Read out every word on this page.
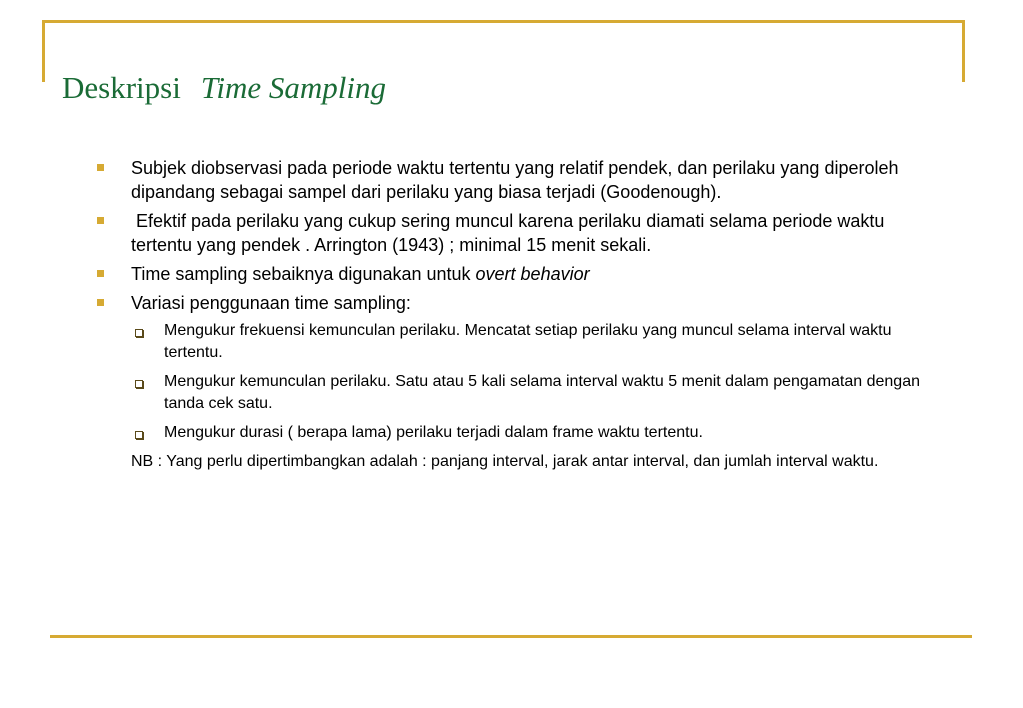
Deskripsi Time Sampling
Subjek diobservasi pada periode waktu tertentu yang relatif pendek, dan perilaku yang diperoleh dipandang sebagai sampel dari perilaku yang biasa terjadi (Goodenough).
Efektif pada perilaku yang cukup sering muncul karena perilaku diamati selama periode waktu tertentu yang pendek . Arrington (1943) ; minimal 15 menit sekali.
Time sampling sebaiknya digunakan untuk overt behavior
Variasi penggunaan time sampling:
Mengukur frekuensi kemunculan perilaku. Mencatat setiap perilaku yang muncul selama interval waktu tertentu.
Mengukur kemunculan perilaku. Satu atau 5 kali selama interval waktu 5 menit dalam pengamatan dengan tanda cek satu.
Mengukur durasi ( berapa lama) perilaku terjadi dalam frame waktu tertentu.
NB : Yang perlu dipertimbangkan adalah : panjang interval, jarak antar interval, dan jumlah interval waktu.
